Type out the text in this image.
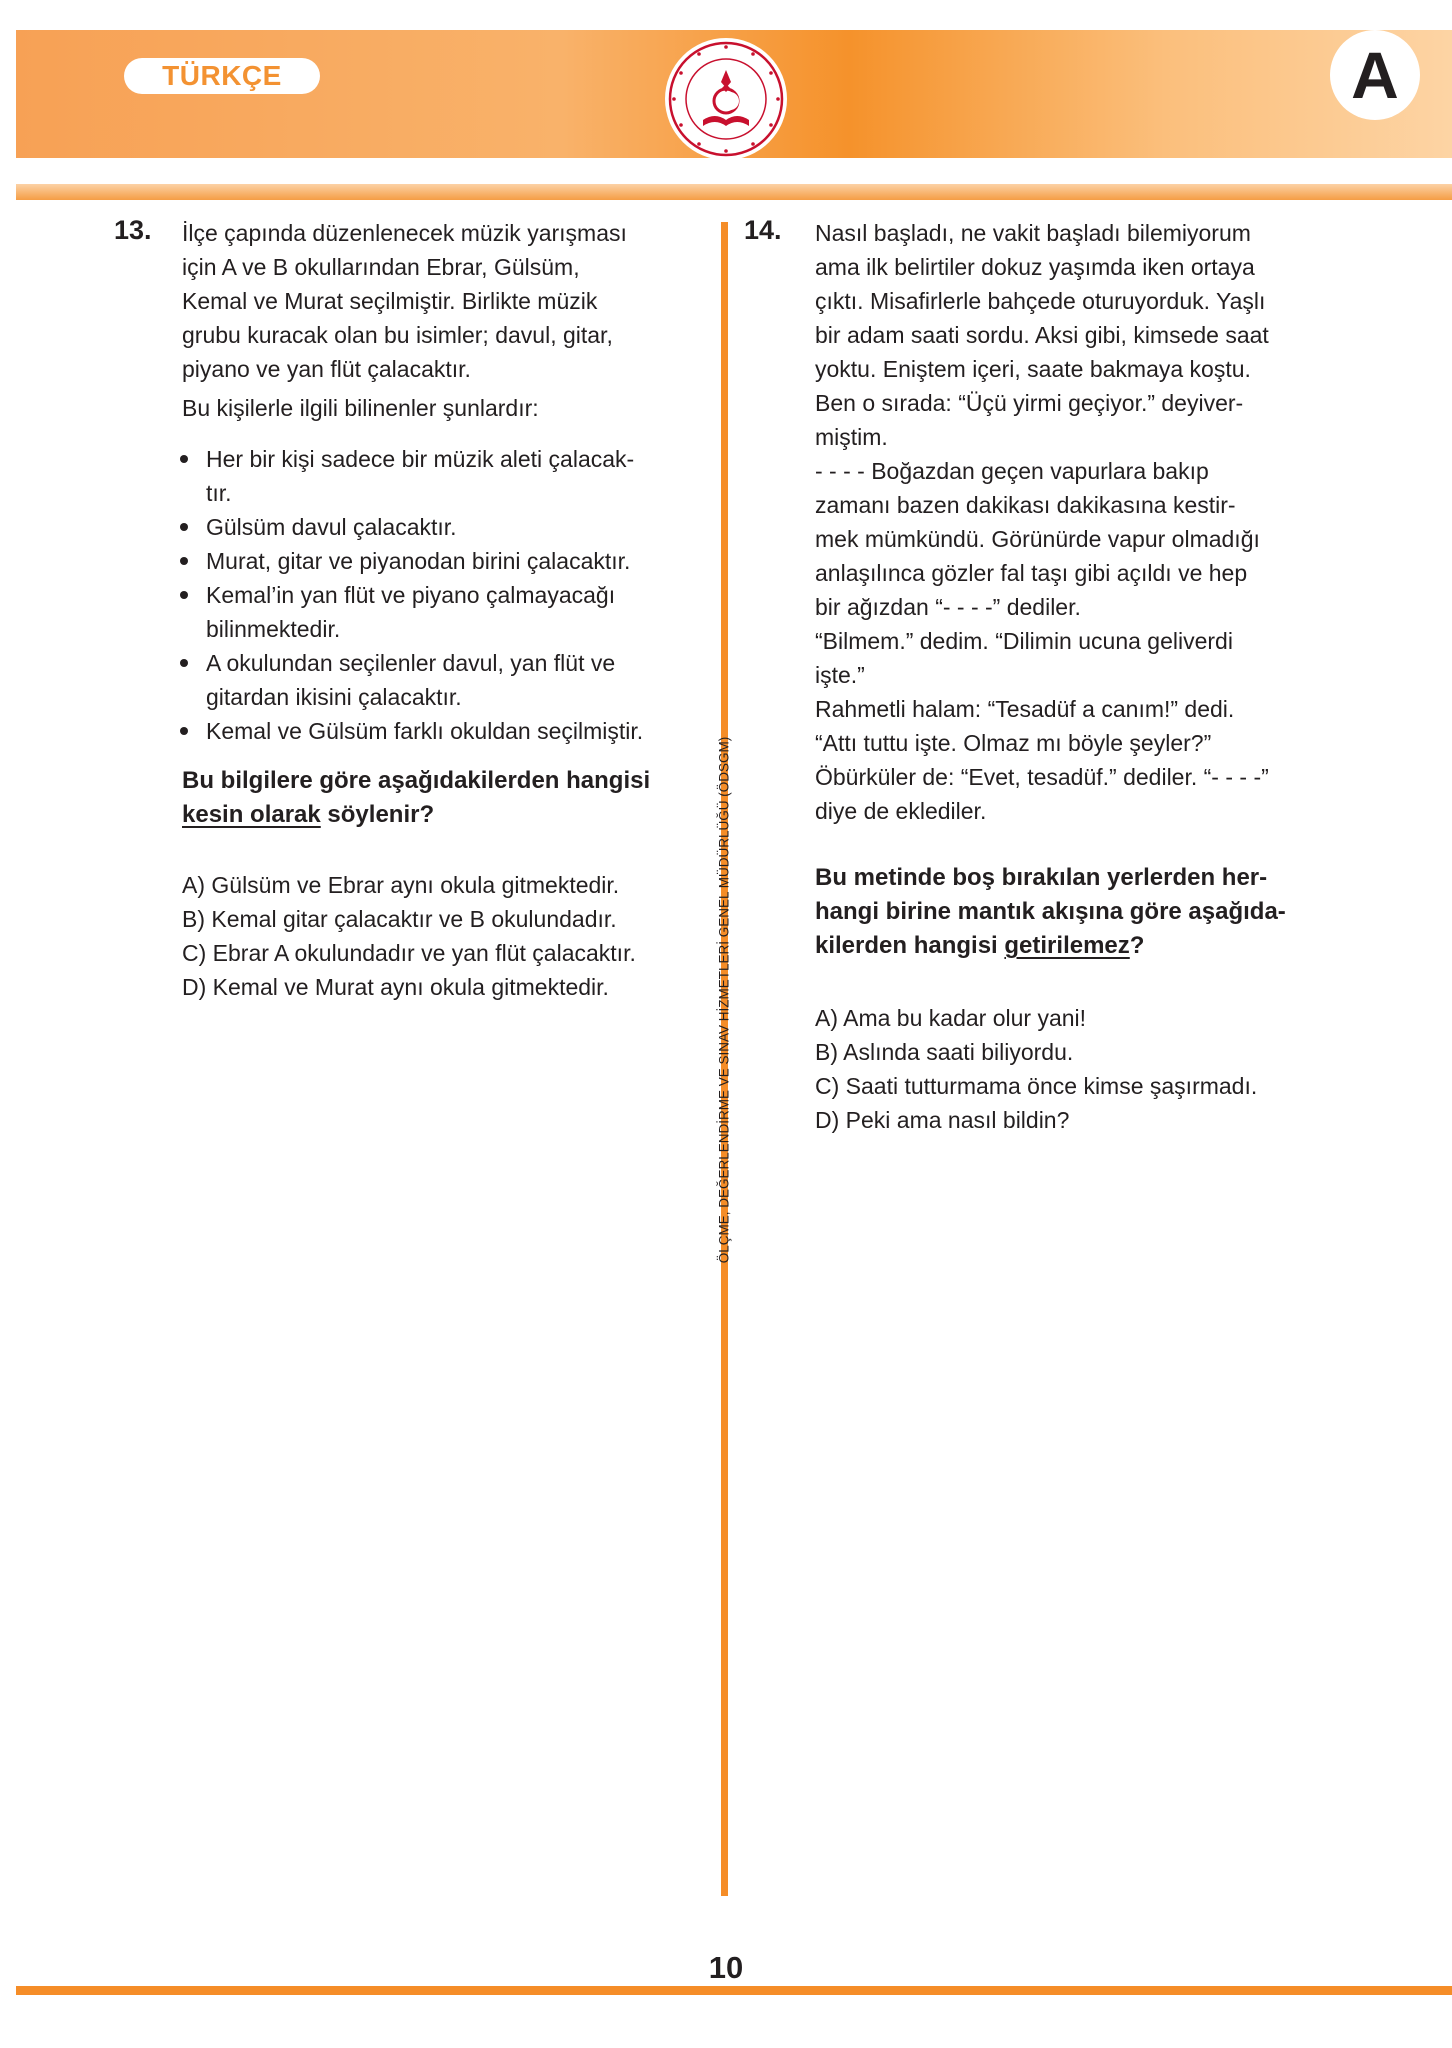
TÜRKÇE	A
ÖLÇME, DEĞERLENDİRME VE SINAV HİZMETLERİ GENEL MÜDÜRLÜĞÜ (ÖDSGM)
13. İlçe çapında düzenlenecek müzik yarışması

için A ve B okullarından Ebrar, Gülsüm,

Kemal ve Murat seçilmiştir. Birlikte müzik

grubu kuracak olan bu isimler; davul, gitar,

piyano ve yan flüt çalacaktır.

Bu kişilerle ilgili bilinenler şunlardır:

Her bir kişi sadece bir müzik aleti çalacak-

tır.

Gülsüm davul çalacaktır.

Murat, gitar ve piyanodan birini çalacaktır.

Kemal’in yan flüt ve piyano çalmayacağı

bilinmektedir.

A okulundan seçilenler davul, yan flüt ve

gitardan ikisini çalacaktır.

Kemal ve Gülsüm farklı okuldan seçilmiştir.

Bu bilgilere göre aşağıdakilerden hangisi
kesin olarak söylenir?
A) Gülsüm ve Ebrar aynı okula gitmektedir.
B) Kemal gitar çalacaktır ve B okulundadır.
C) Ebrar A okulundadır ve yan flüt çalacaktır.
D) Kemal ve Murat aynı okula gitmektedir.
14. Nasıl başladı, ne vakit başladı bilemiyorum

ama ilk belirtiler dokuz yaşımda iken ortaya

çıktı. Misafirlerle bahçede oturuyorduk. Yaşlı

bir adam saati sordu. Aksi gibi, kimsede saat

yoktu. Eniştem içeri, saate bakmaya koştu.

Ben o sırada: “Üçü yirmi geçiyor.” deyiver-

miştim.

- - - - Boğazdan geçen vapurlara bakıp

zamanı bazen dakikası dakikasına kestir-

mek mümkündü. Görünürde vapur olmadığı

anlaşılınca gözler fal taşı gibi açıldı ve hep

bir ağızdan “- - - -” dediler.

“Bilmem.” dedim. “Dilimin ucuna geliverdi

işte.”

Rahmetli halam: “Tesadüf a canım!” dedi.

“Attı tuttu işte. Olmaz mı böyle şeyler?”

Öbürküler de: “Evet, tesadüf.” dediler. “- - - -”

diye de eklediler.

Bu metinde boş bırakılan yerlerden her-
hangi birine mantık akışına göre aşağıda-
kilerden hangisi getirilemez?
A) Ama bu kadar olur yani!
B) Aslında saati biliyordu.
C) Saati tutturmama önce kimse şaşırmadı.
D) Peki ama nasıl bildin?
10
